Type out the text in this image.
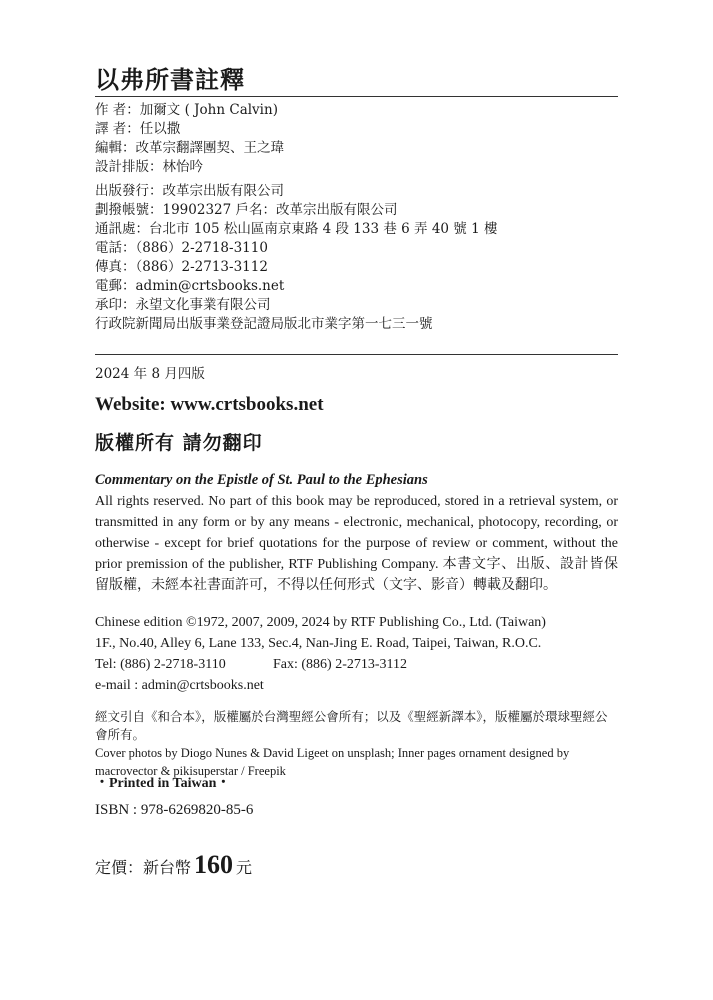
以弗所書註釋
作 者：加爾文 ( John Calvin)
譯 者：任以撒
編輯：改革宗翻譯團契、王之瑋
設計排版：林怡吟
出版發行：改革宗出版有限公司
劃撥帳號：19902327 戶名：改革宗出版有限公司
通訊處：台北市 105 松山區南京東路 4 段 133 巷 6 弄 40 號 1 樓
電話：（886）2-2718-3110
傳真：（886）2-2713-3112
電郵：admin@crtsbooks.net
承印：永望文化事業有限公司
行政院新聞局出版事業登記證局版北市業字第一七三一號
2024 年 8 月四版
Website: www.crtsbooks.net
版權所有 請勿翻印
Commentary on the Epistle of St. Paul to the Ephesians
All rights reserved. No part of this book may be reproduced, stored in a retrieval system, or transmitted in any form or by any means - electronic, mechanical, photocopy, recording, or otherwise - except for brief quotations for the purpose of review or comment, without the prior premission of the publisher, RTF Publishing Company. 本書文字、出版、設計皆保留版權，未經本社書面許可，不得以任何形式（文字、影音）轉載及翻印。
Chinese edition ©1972, 2007, 2009, 2024 by RTF Publishing Co., Ltd. (Taiwan)
1F., No.40, Alley 6, Lane 133, Sec.4, Nan-Jing E. Road, Taipei, Taiwan, R.O.C.
Tel: (886) 2-2718-3110	Fax: (886) 2-2713-3112
e-mail : admin@crtsbooks.net
經文引自《和合本》，版權屬於台灣聖經公會所有；以及《聖經新譯本》，版權屬於環球聖經公會所有。
Cover photos by Diogo Nunes & David Ligeet on unsplash; Inner pages ornament designed by macrovector & pikisuperstar / Freepik
・Printed in Taiwan・
ISBN : 978-6269820-85-6
定價：新台幣 160 元
